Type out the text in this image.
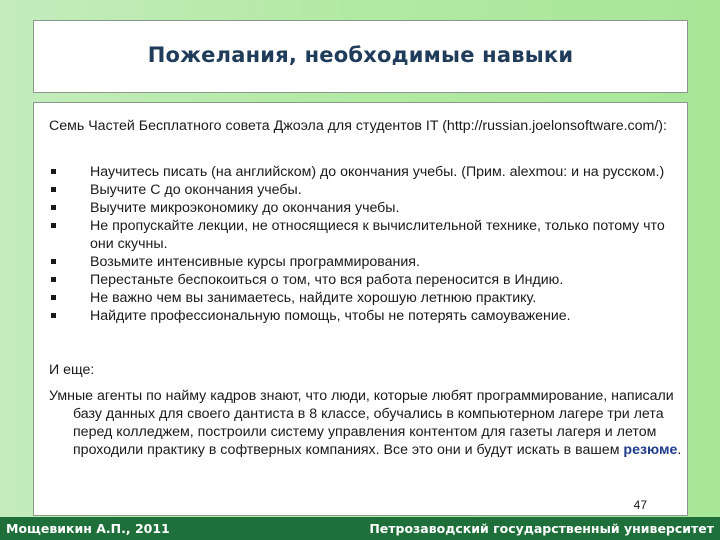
Пожелания, необходимые навыки
Семь Частей Бесплатного совета Джоэла для студентов IT (http://russian.joelonsoftware.com/):
Научитесь писать (на английском) до окончания учебы. (Прим. alexmou: и на русском.)
Выучите C до окончания учебы.
Выучите микроэкономику до окончания учебы.
Не пропускайте лекции, не относящиеся к вычислительной технике, только потому что они скучны.
Возьмите интенсивные курсы программирования.
Перестаньте беспокоиться о том, что вся работа переносится в Индию.
Не важно чем вы занимаетесь, найдите хорошую летнюю практику.
Найдите профессиональную помощь, чтобы не потерять самоуважение.
И еще:
Умные агенты по найму кадров знают, что люди, которые любят программирование, написали базу данных для своего дантиста в 8 классе, обучались в компьютерном лагере три лета перед колледжем, построили систему управления контентом для газеты лагеря и летом проходили практику в софтверных компаниях. Все это они и будут искать в вашем резюме.
47
Мощевикин А.П., 2011	Петрозаводский государственный университет
